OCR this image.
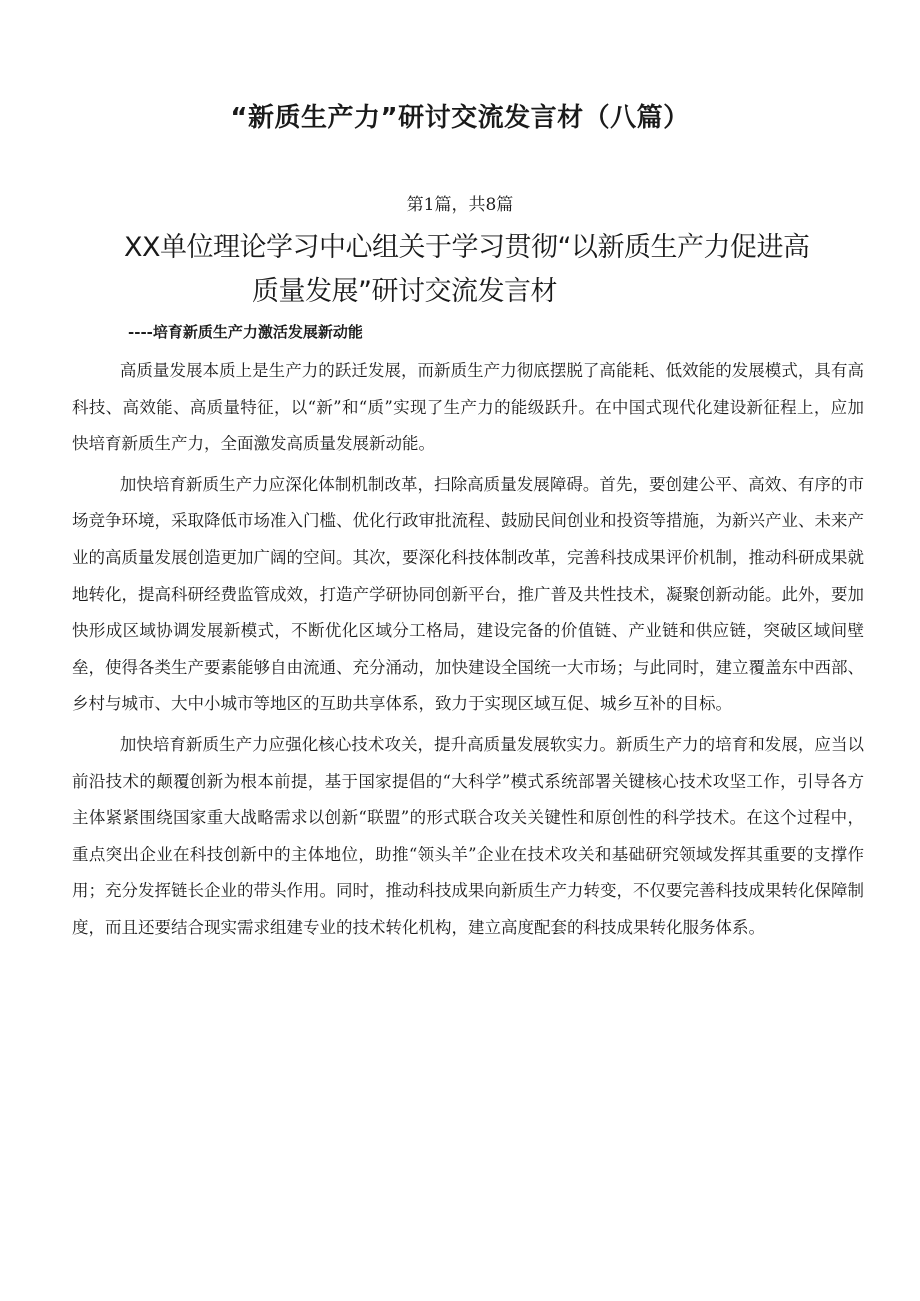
“新质生产力”研讨交流发言材（八篇）
第1篇，共8篇
XX单位理论学习中心组关于学习贯彻“以新质生产力促进高
质量发展”研讨交流发言材
----培育新质生产力激活发展新动能

高质量发展本质上是生产力的跃迁发展，而新质生产力彻底摆脱了高能耗、低效能的发展模式，具有高科技、高效能、高质量特征，以“新”和“质”实现了生产力的能级跃升。在中国式现代化建设新征程上，应加快培育新质生产力，全面激发高质量发展新动能。

加快培育新质生产力应深化体制机制改革，扫除高质量发展障碍。首先，要创建公平、高效、有序的市场竞争环境，采取降低市场准入门槛、优化行政审批流程、鼓励民间创业和投资等措施，为新兴产业、未来产业的高质量发展创造更加广阔的空间。其次，要深化科技体制改革，完善科技成果评价机制，推动科研成果就地转化，提高科研经费监管成效，打造产学研协同创新平台，推广普及共性技术，凝聚创新动能。此外，要加快形成区域协调发展新模式，不断优化区域分工格局，建设完备的价值链、产业链和供应链，突破区域间壁垒，使得各类生产要素能够自由流通、充分涌动，加快建设全国统一大市场；与此同时，建立覆盖东中西部、乡村与城市、大中小城市等地区的互助共享体系，致力于实现区域互促、城乡互补的目标。

加快培育新质生产力应强化核心技术攻关，提升高质量发展软实力。新质生产力的培育和发展，应当以前沿技术的颠覆创新为根本前提，基于国家提倡的“大科学”模式系统部署关键核心技术攻坚工作，引导各方主体紧紧围绕国家重大战略需求以创新“联盟”的形式联合攻关关键性和原创性的科学技术。在这个过程中，重点突出企业在科技创新中的主体地位，助推“领头羊”企业在技术攻关和基础研究领域发挥其重要的支撑作用；充分发挥链长企业的带头作用。同时，推动科技成果向新质生产力转变，不仅要完善科技成果转化保障制度，而且还要结合现实需求组建专业的技术转化机构，建立高度配套的科技成果转化服务体系。
